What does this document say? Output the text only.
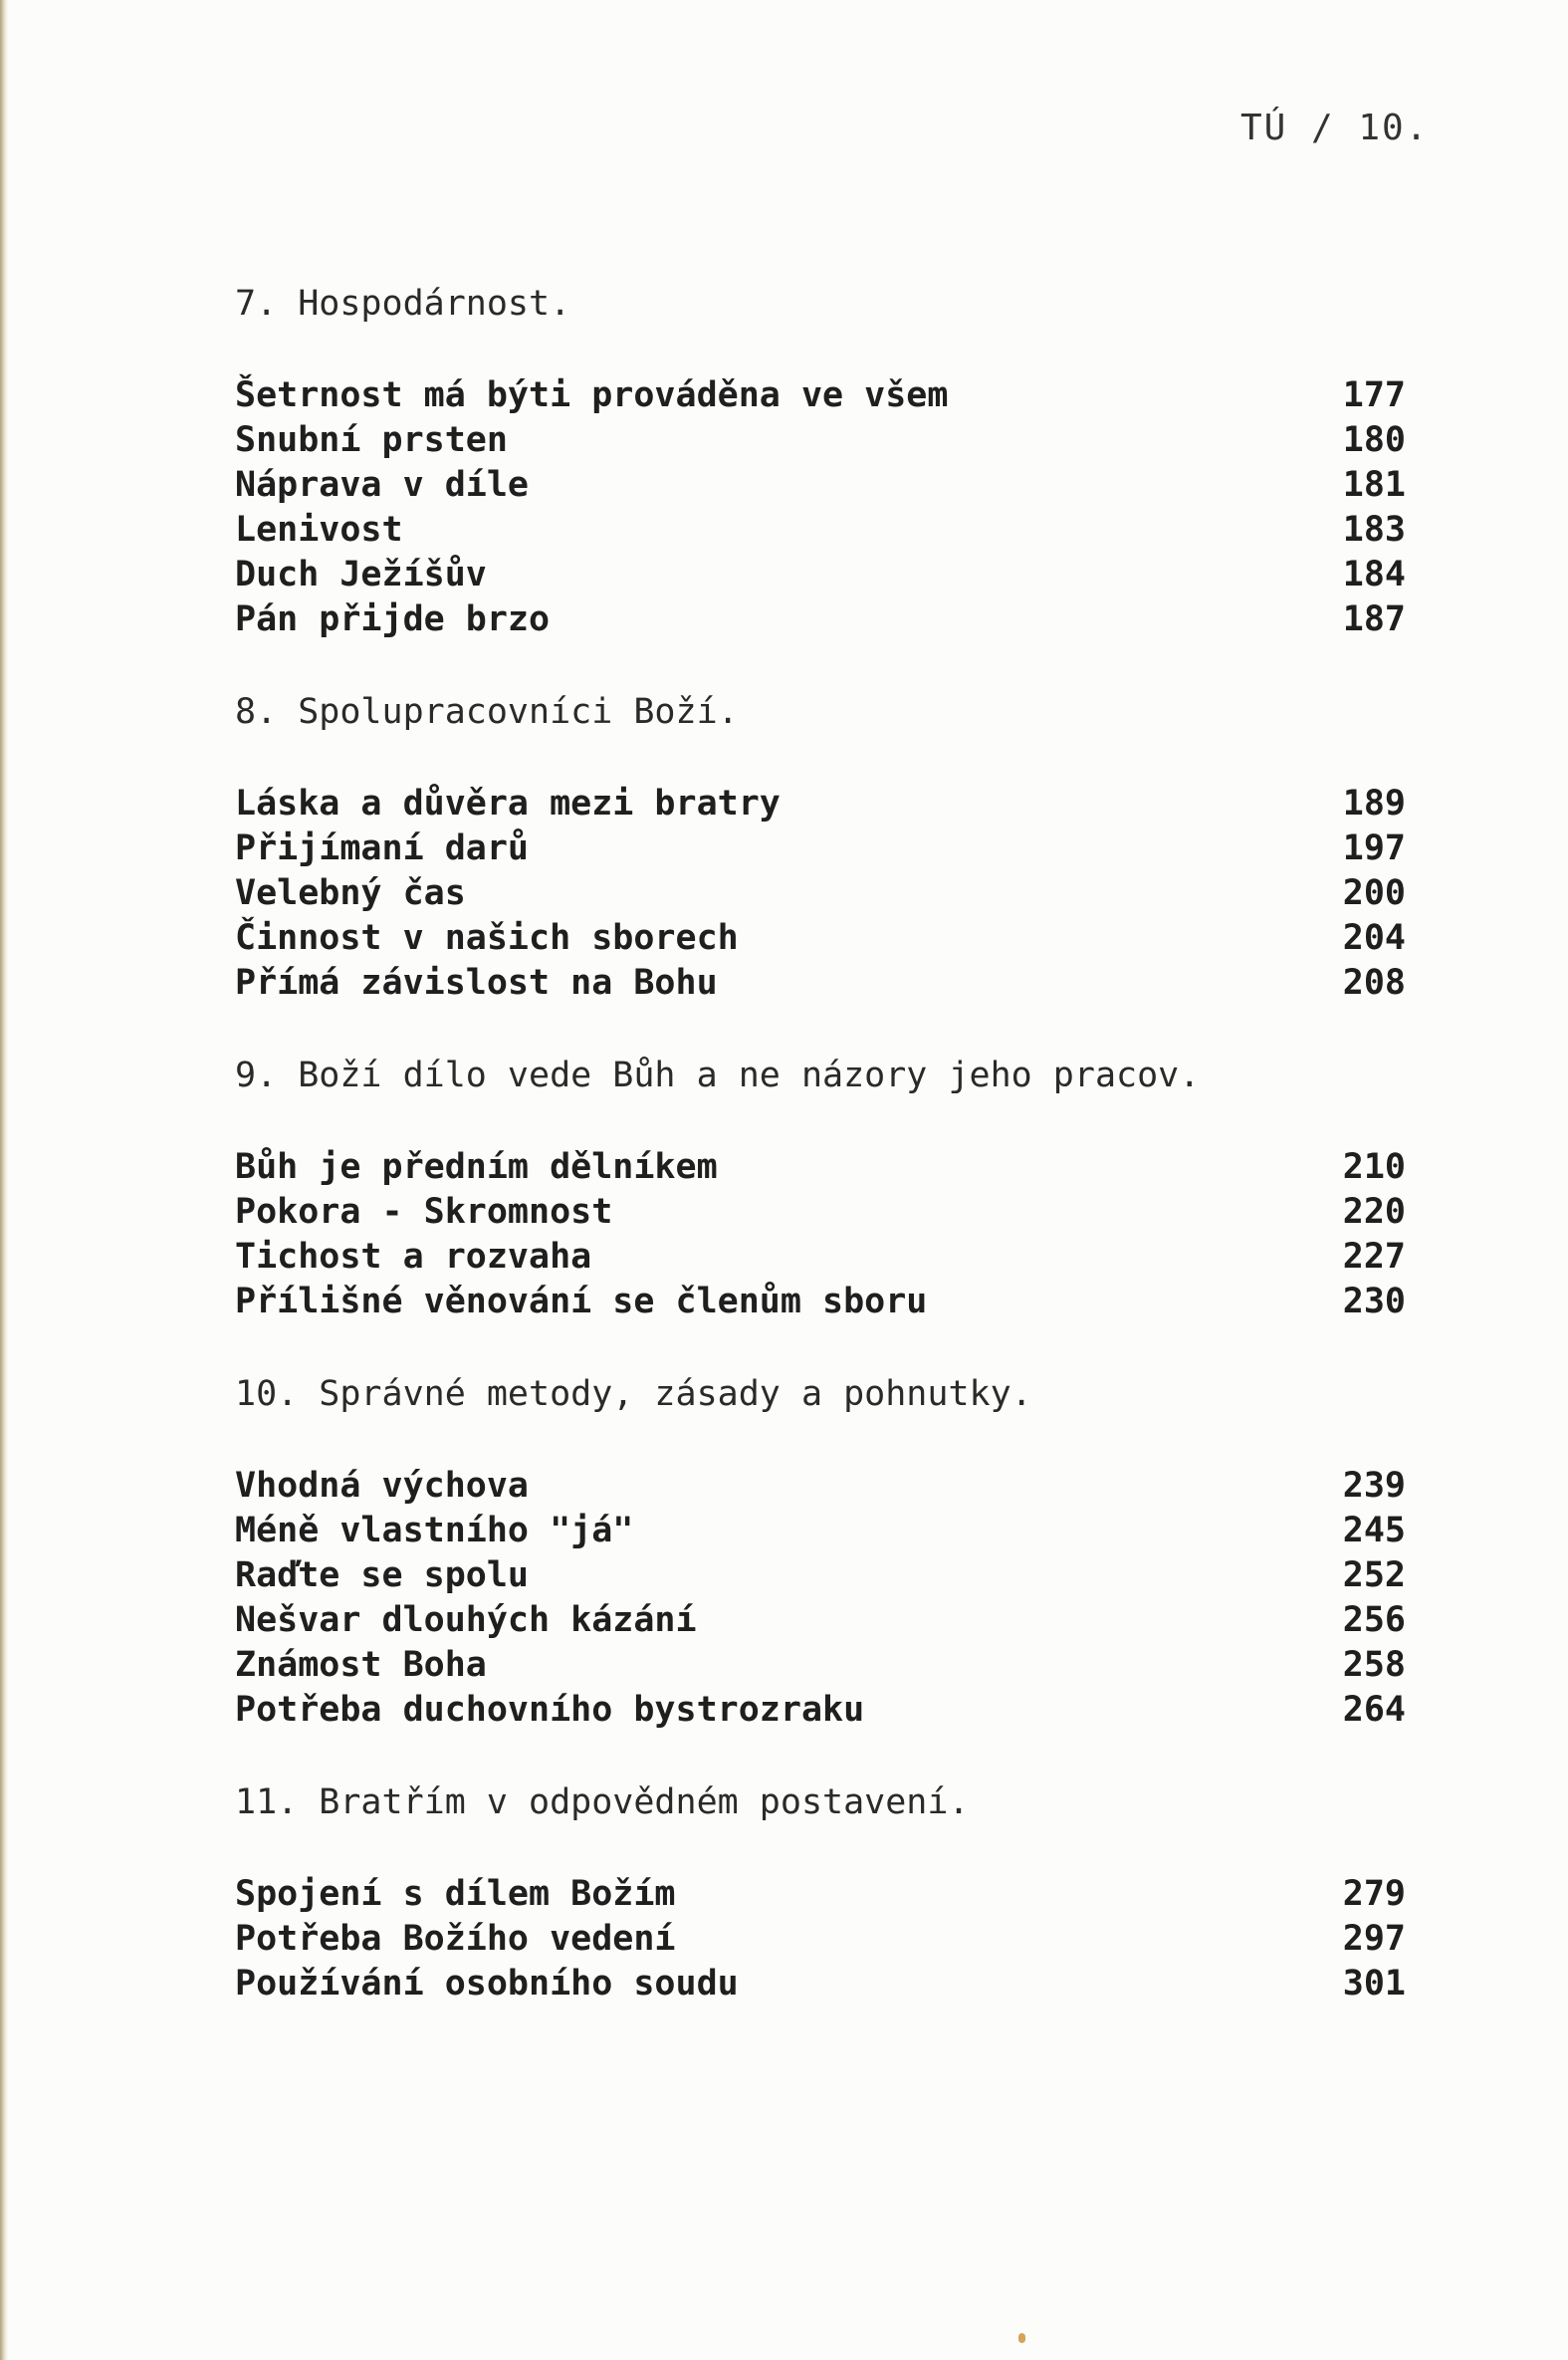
TÚ / 10.
7. Hospodárnost.
Šetrnost má býti prováděna ve všem	177
Snubní prsten	180
Náprava v díle	181
Lenivost	183
Duch Ježíšův	184
Pán přijde brzo	187
8. Spolupracovníci Boží.
Láska a důvěra mezi bratry	189
Přijímaní darů	197
Velebný čas	200
Činnost v našich sborech	204
Přímá závislost na Bohu	208
9. Boží dílo vede Bůh a ne názory jeho pracov.
Bůh je předním dělníkem	210
Pokora - Skromnost	220
Tichost a rozvaha	227
Přílišné věnování se členům sboru	230
10. Správné metody, zásady a pohnutky.
Vhodná výchova	239
Méně vlastního "já"	245
Raďte se spolu	252
Nešvar dlouhých kázání	256
Známost Boha	258
Potřeba duchovního bystrozraku	264
11. Bratřím v odpovědném postavení.
Spojení s dílem Božím	279
Potřeba Božího vedení	297
Používání osobního soudu	301
